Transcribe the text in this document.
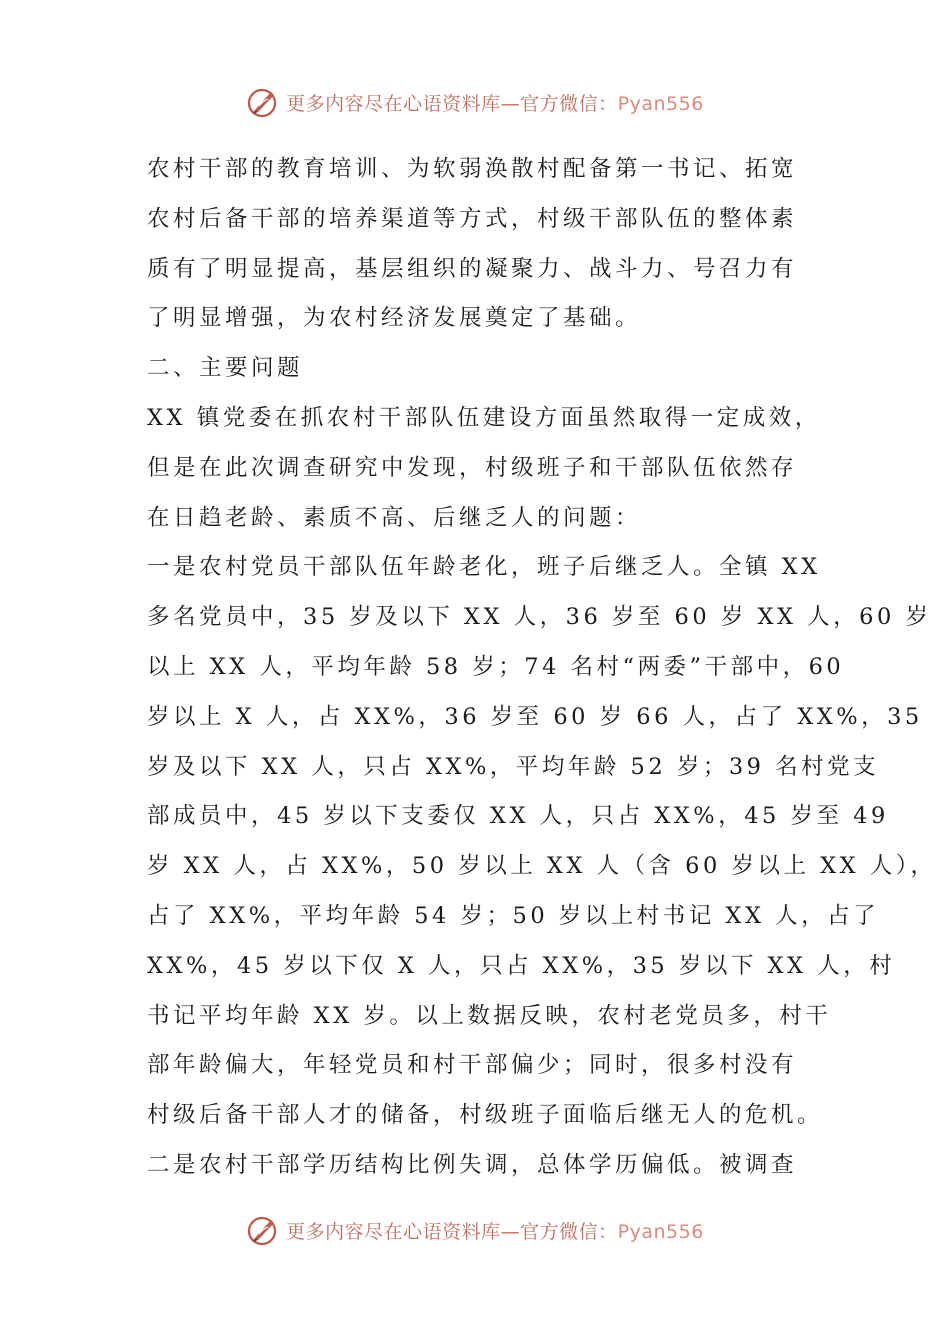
更多内容尽在心语资料库—官方微信：Pyan556
农村干部的教育培训、为软弱涣散村配备第一书记、拓宽
农村后备干部的培养渠道等方式，村级干部队伍的整体素
质有了明显提高，基层组织的凝聚力、战斗力、号召力有
了明显增强，为农村经济发展奠定了基础。
二、主要问题
XX 镇党委在抓农村干部队伍建设方面虽然取得一定成效，
但是在此次调查研究中发现，村级班子和干部队伍依然存
在日趋老龄、素质不高、后继乏人的问题：
一是农村党员干部队伍年龄老化，班子后继乏人。全镇 XX
多名党员中，35 岁及以下 XX 人，36 岁至 60 岁 XX 人，60 岁
以上 XX 人，平均年龄 58 岁；74 名村“两委”干部中，60
岁以上 X 人，占 XX%，36 岁至 60 岁 66 人，占了 XX%，35
岁及以下 XX 人，只占 XX%，平均年龄 52 岁；39 名村党支
部成员中，45 岁以下支委仅 XX 人，只占 XX%，45 岁至 49
岁 XX 人，占 XX%，50 岁以上 XX 人（含 60 岁以上 XX 人），
占了 XX%，平均年龄 54 岁；50 岁以上村书记 XX 人，占了
XX%，45 岁以下仅 X 人，只占 XX%，35 岁以下 XX 人，村
书记平均年龄 XX 岁。以上数据反映，农村老党员多，村干
部年龄偏大，年轻党员和村干部偏少；同时，很多村没有
村级后备干部人才的储备，村级班子面临后继无人的危机。
二是农村干部学历结构比例失调，总体学历偏低。被调查
更多内容尽在心语资料库—官方微信：Pyan556
